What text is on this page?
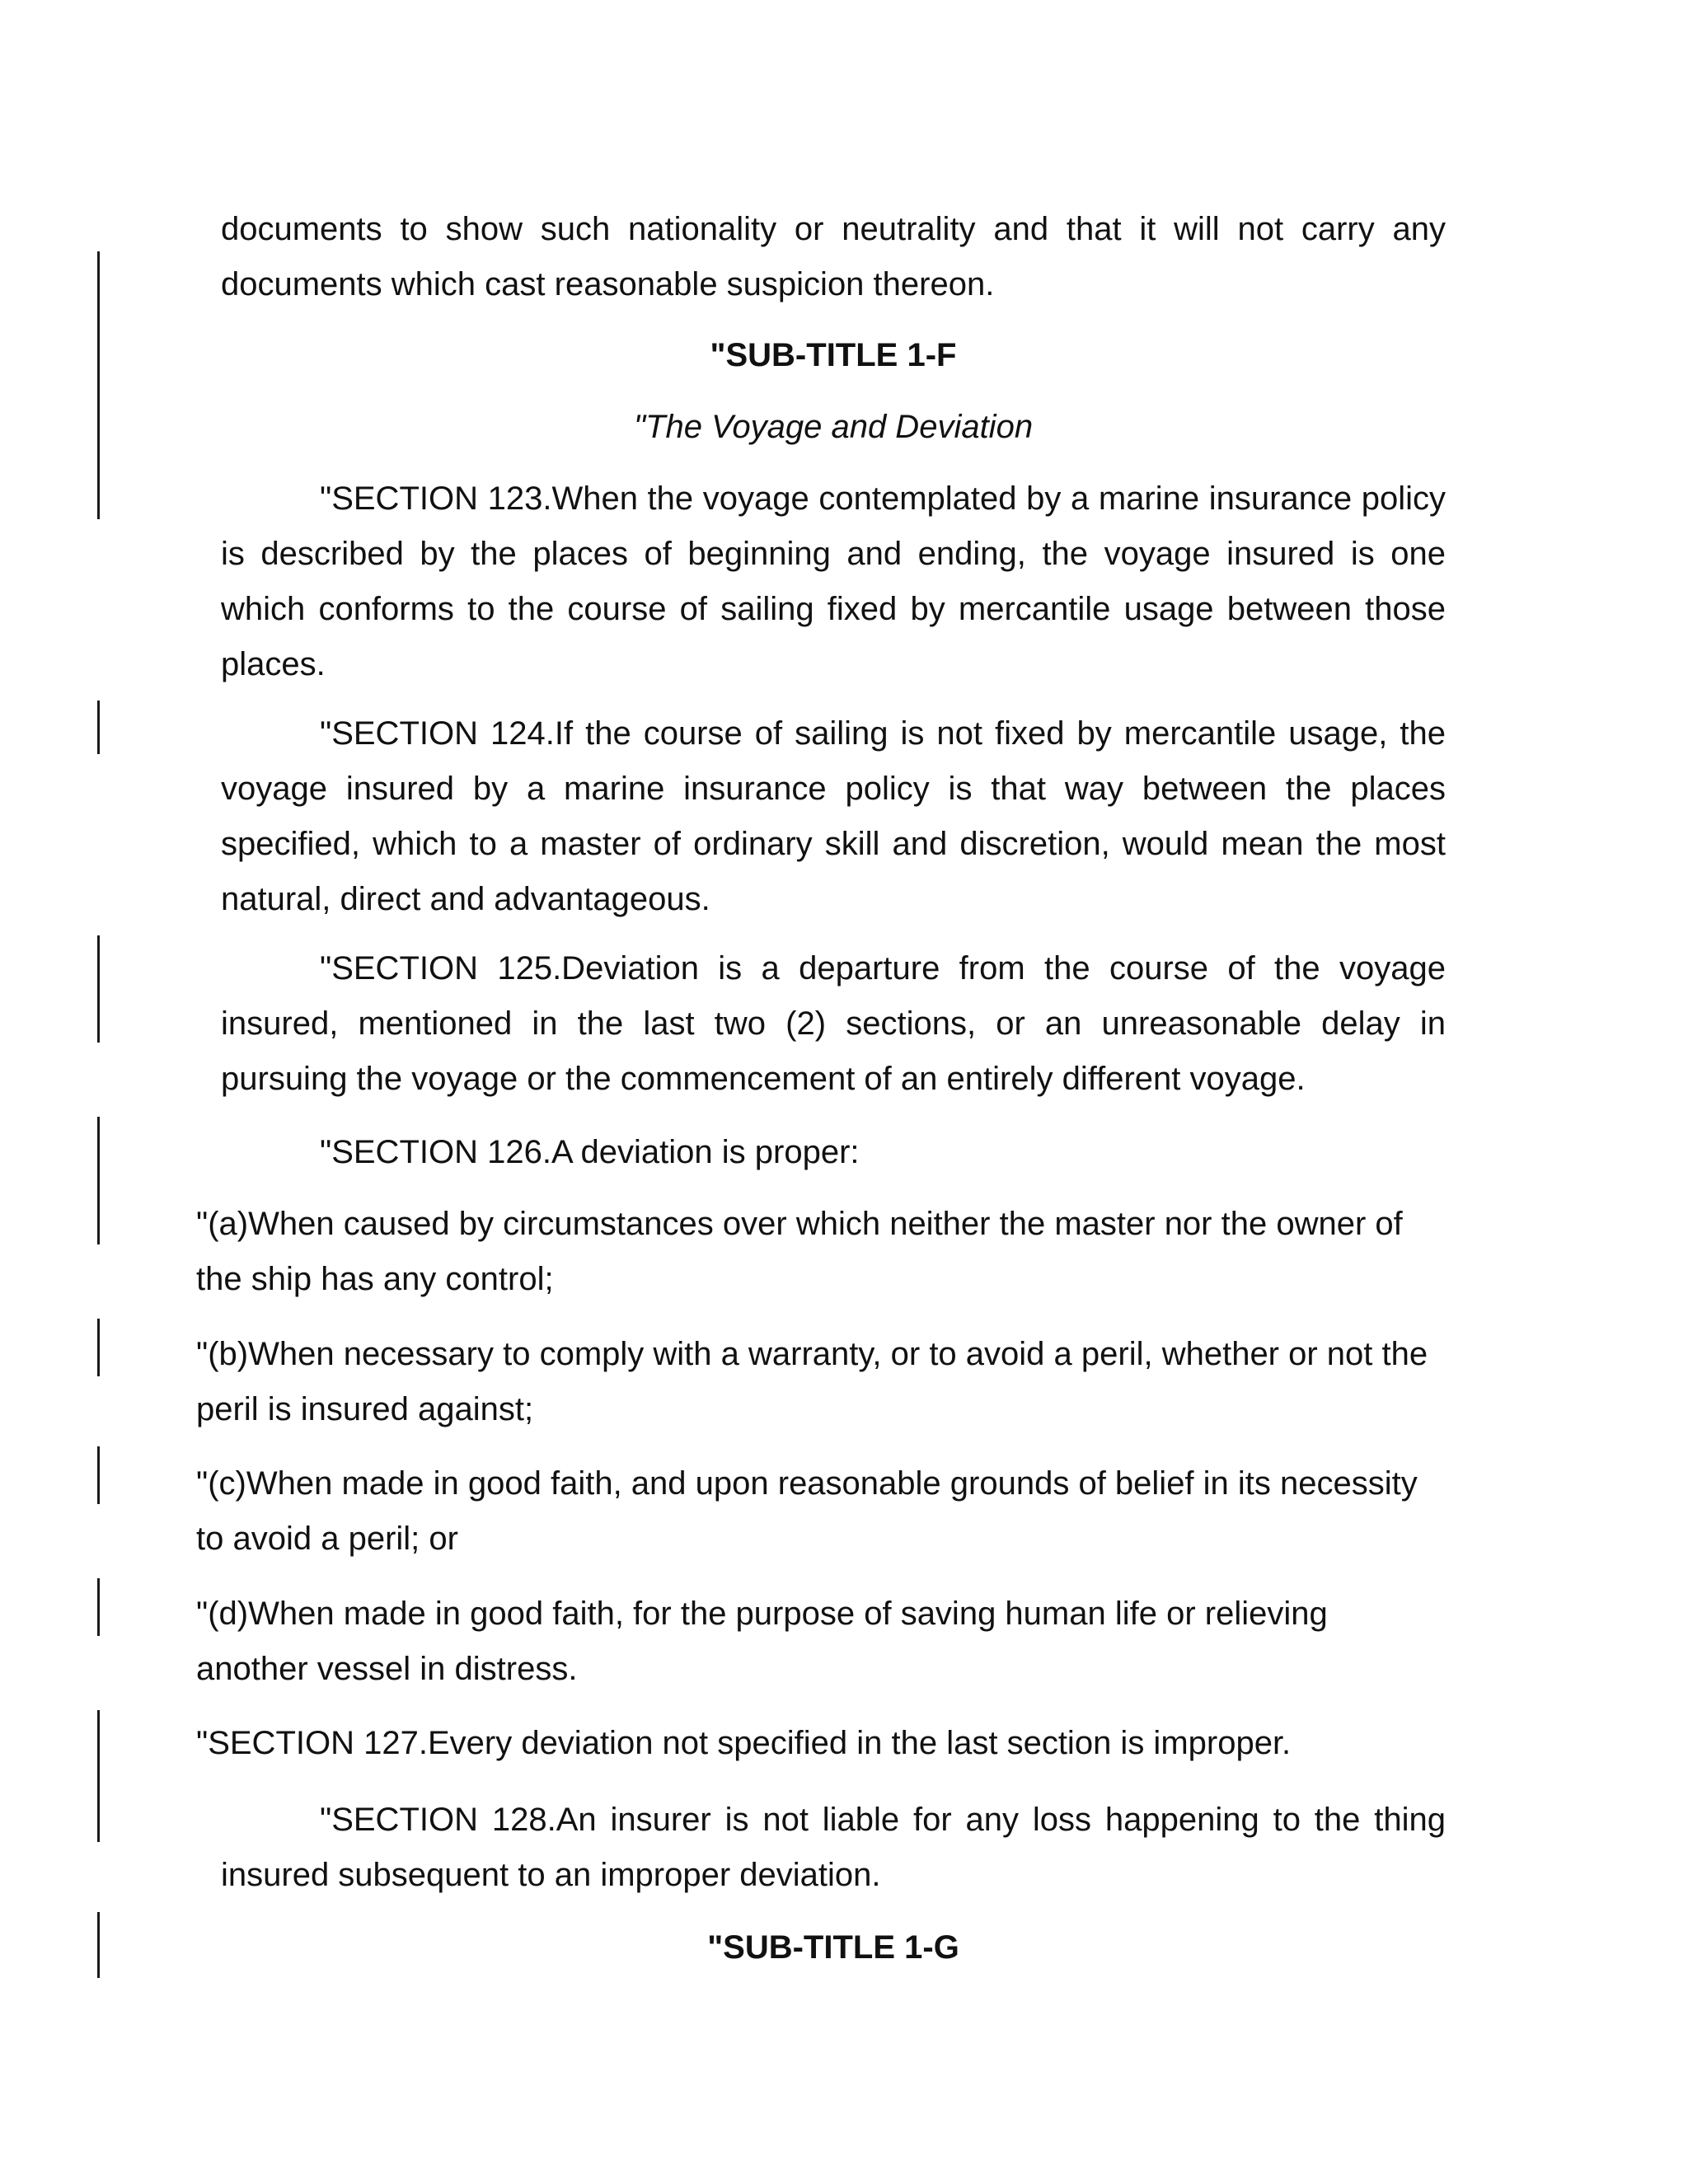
documents to show such nationality or neutrality and that it will not carry any documents which cast reasonable suspicion thereon.

"SUB-TITLE 1-F

"The Voyage and Deviation

"SECTION 123.When the voyage contemplated by a marine insurance policy is described by the places of beginning and ending, the voyage insured is one which conforms to the course of sailing fixed by mercantile usage between those places.

"SECTION 124.If the course of sailing is not fixed by mercantile usage, the voyage insured by a marine insurance policy is that way between the places specified, which to a master of ordinary skill and discretion, would mean the most natural, direct and advantageous.

"SECTION 125.Deviation is a departure from the course of the voyage insured, mentioned in the last two (2) sections, or an unreasonable delay in pursuing the voyage or the commencement of an entirely different voyage.

"SECTION 126.A deviation is proper:

"(a)When caused by circumstances over which neither the master nor the owner of the ship has any control;

"(b)When necessary to comply with a warranty, or to avoid a peril, whether or not the peril is insured against;

"(c)When made in good faith, and upon reasonable grounds of belief in its necessity to avoid a peril; or

"(d)When made in good faith, for the purpose of saving human life or relieving another vessel in distress.

"SECTION 127.Every deviation not specified in the last section is improper.

"SECTION 128.An insurer is not liable for any loss happening to the thing insured subsequent to an improper deviation.

"SUB-TITLE 1-G
